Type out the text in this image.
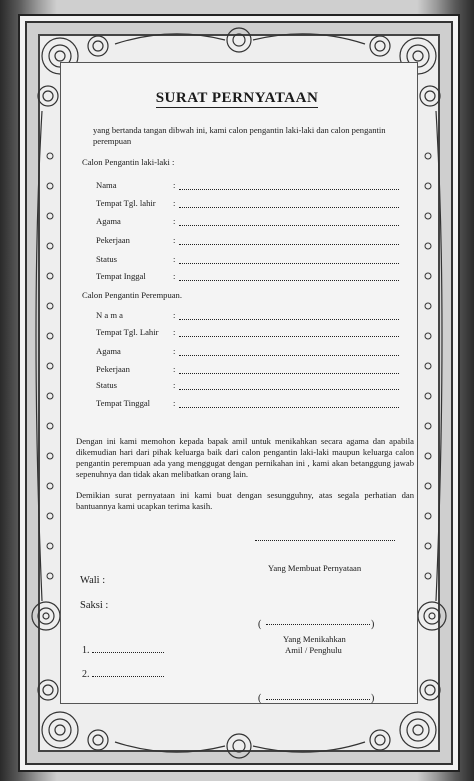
SURAT PERNYATAAN
yang bertanda tangan dibwah ini, kami calon pengantin laki-laki dan calon pengantin perempuan
Calon Pengantin laki-laki :
Nama	:
Tempat Tgl. lahir :
Agama	:
Pekerjaan	:
Status	:
Tempat Inggal	:
Calon Pengantin Perempuan.
N a m a	:
Tempat Tgl. Lahir :
Agama	:
Pekerjaan	:
Status	:
Tempat Tinggal	:
Dengan ini kami memohon kepada bapak amil untuk menikahkan secara agama dan apabila dikemudian hari dari pihak keluarga baik dari calon pengantin laki-laki maupun keluarga calon pengantin perempuan ada yang menggugat dengan pernikahan ini , kami akan betanggung jawab sepenuhnya dan tidak akan melibatkan orang lain.
Demikian surat pernyataan ini kami buat dengan sesungguhny, atas segala perhatian dan bantuannya kami ucapkan terima kasih.
Yang Membuat Pernyataan
Wali :
Saksi :
1.
2.
(	)
Yang Menikahkan
Amil / Penghulu
(	)
